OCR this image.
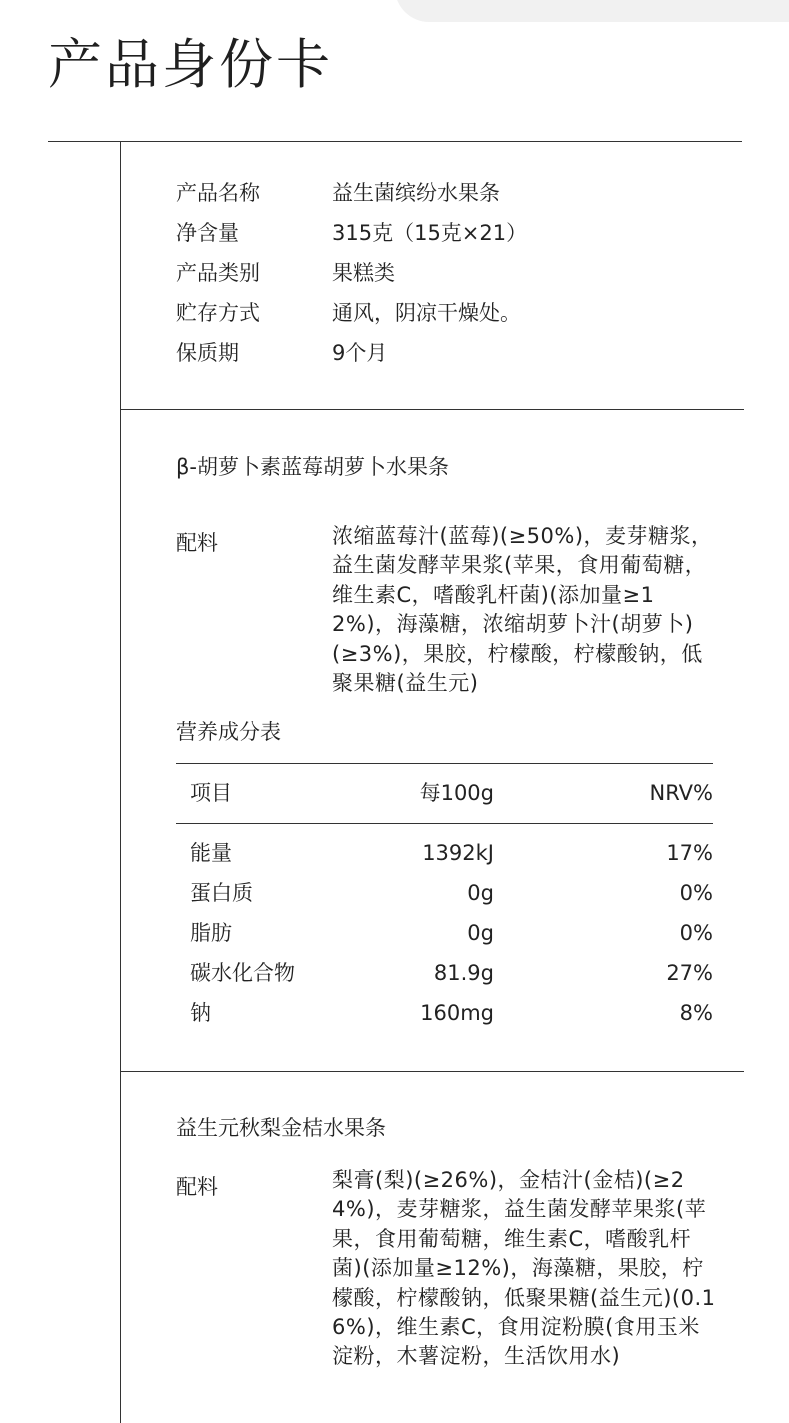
产品身份卡
产品名称	益生菌缤纷水果条
净含量	315克（15克×21）
产品类别	果糕类
贮存方式	通风，阴凉干燥处。
保质期	9个月
β-胡萝卜素蓝莓胡萝卜水果条
配料	浓缩蓝莓汁(蓝莓)(≥50%)，麦芽糖浆，益生菌发酵苹果浆(苹果，食用葡萄糖，维生素C，嗜酸乳杆菌)(添加量≥12%)，海藻糖，浓缩胡萝卜汁(胡萝卜)(≥3%)，果胶，柠檬酸，柠檬酸钠，低聚果糖(益生元)
营养成分表
项目	每100g	NRV%
能量	1392kJ	17%
蛋白质	0g	0%
脂肪	0g	0%
碳水化合物	81.9g	27%
钠	160mg	8%
益生元秋梨金桔水果条
配料	梨膏(梨)(≥26%)，金桔汁(金桔)(≥24%)，麦芽糖浆，益生菌发酵苹果浆(苹果，食用葡萄糖，维生素C，嗜酸乳杆菌)(添加量≥12%)，海藻糖，果胶，柠檬酸，柠檬酸钠，低聚果糖(益生元)(0.16%)，维生素C，食用淀粉膜(食用玉米淀粉，木薯淀粉，生活饮用水)
